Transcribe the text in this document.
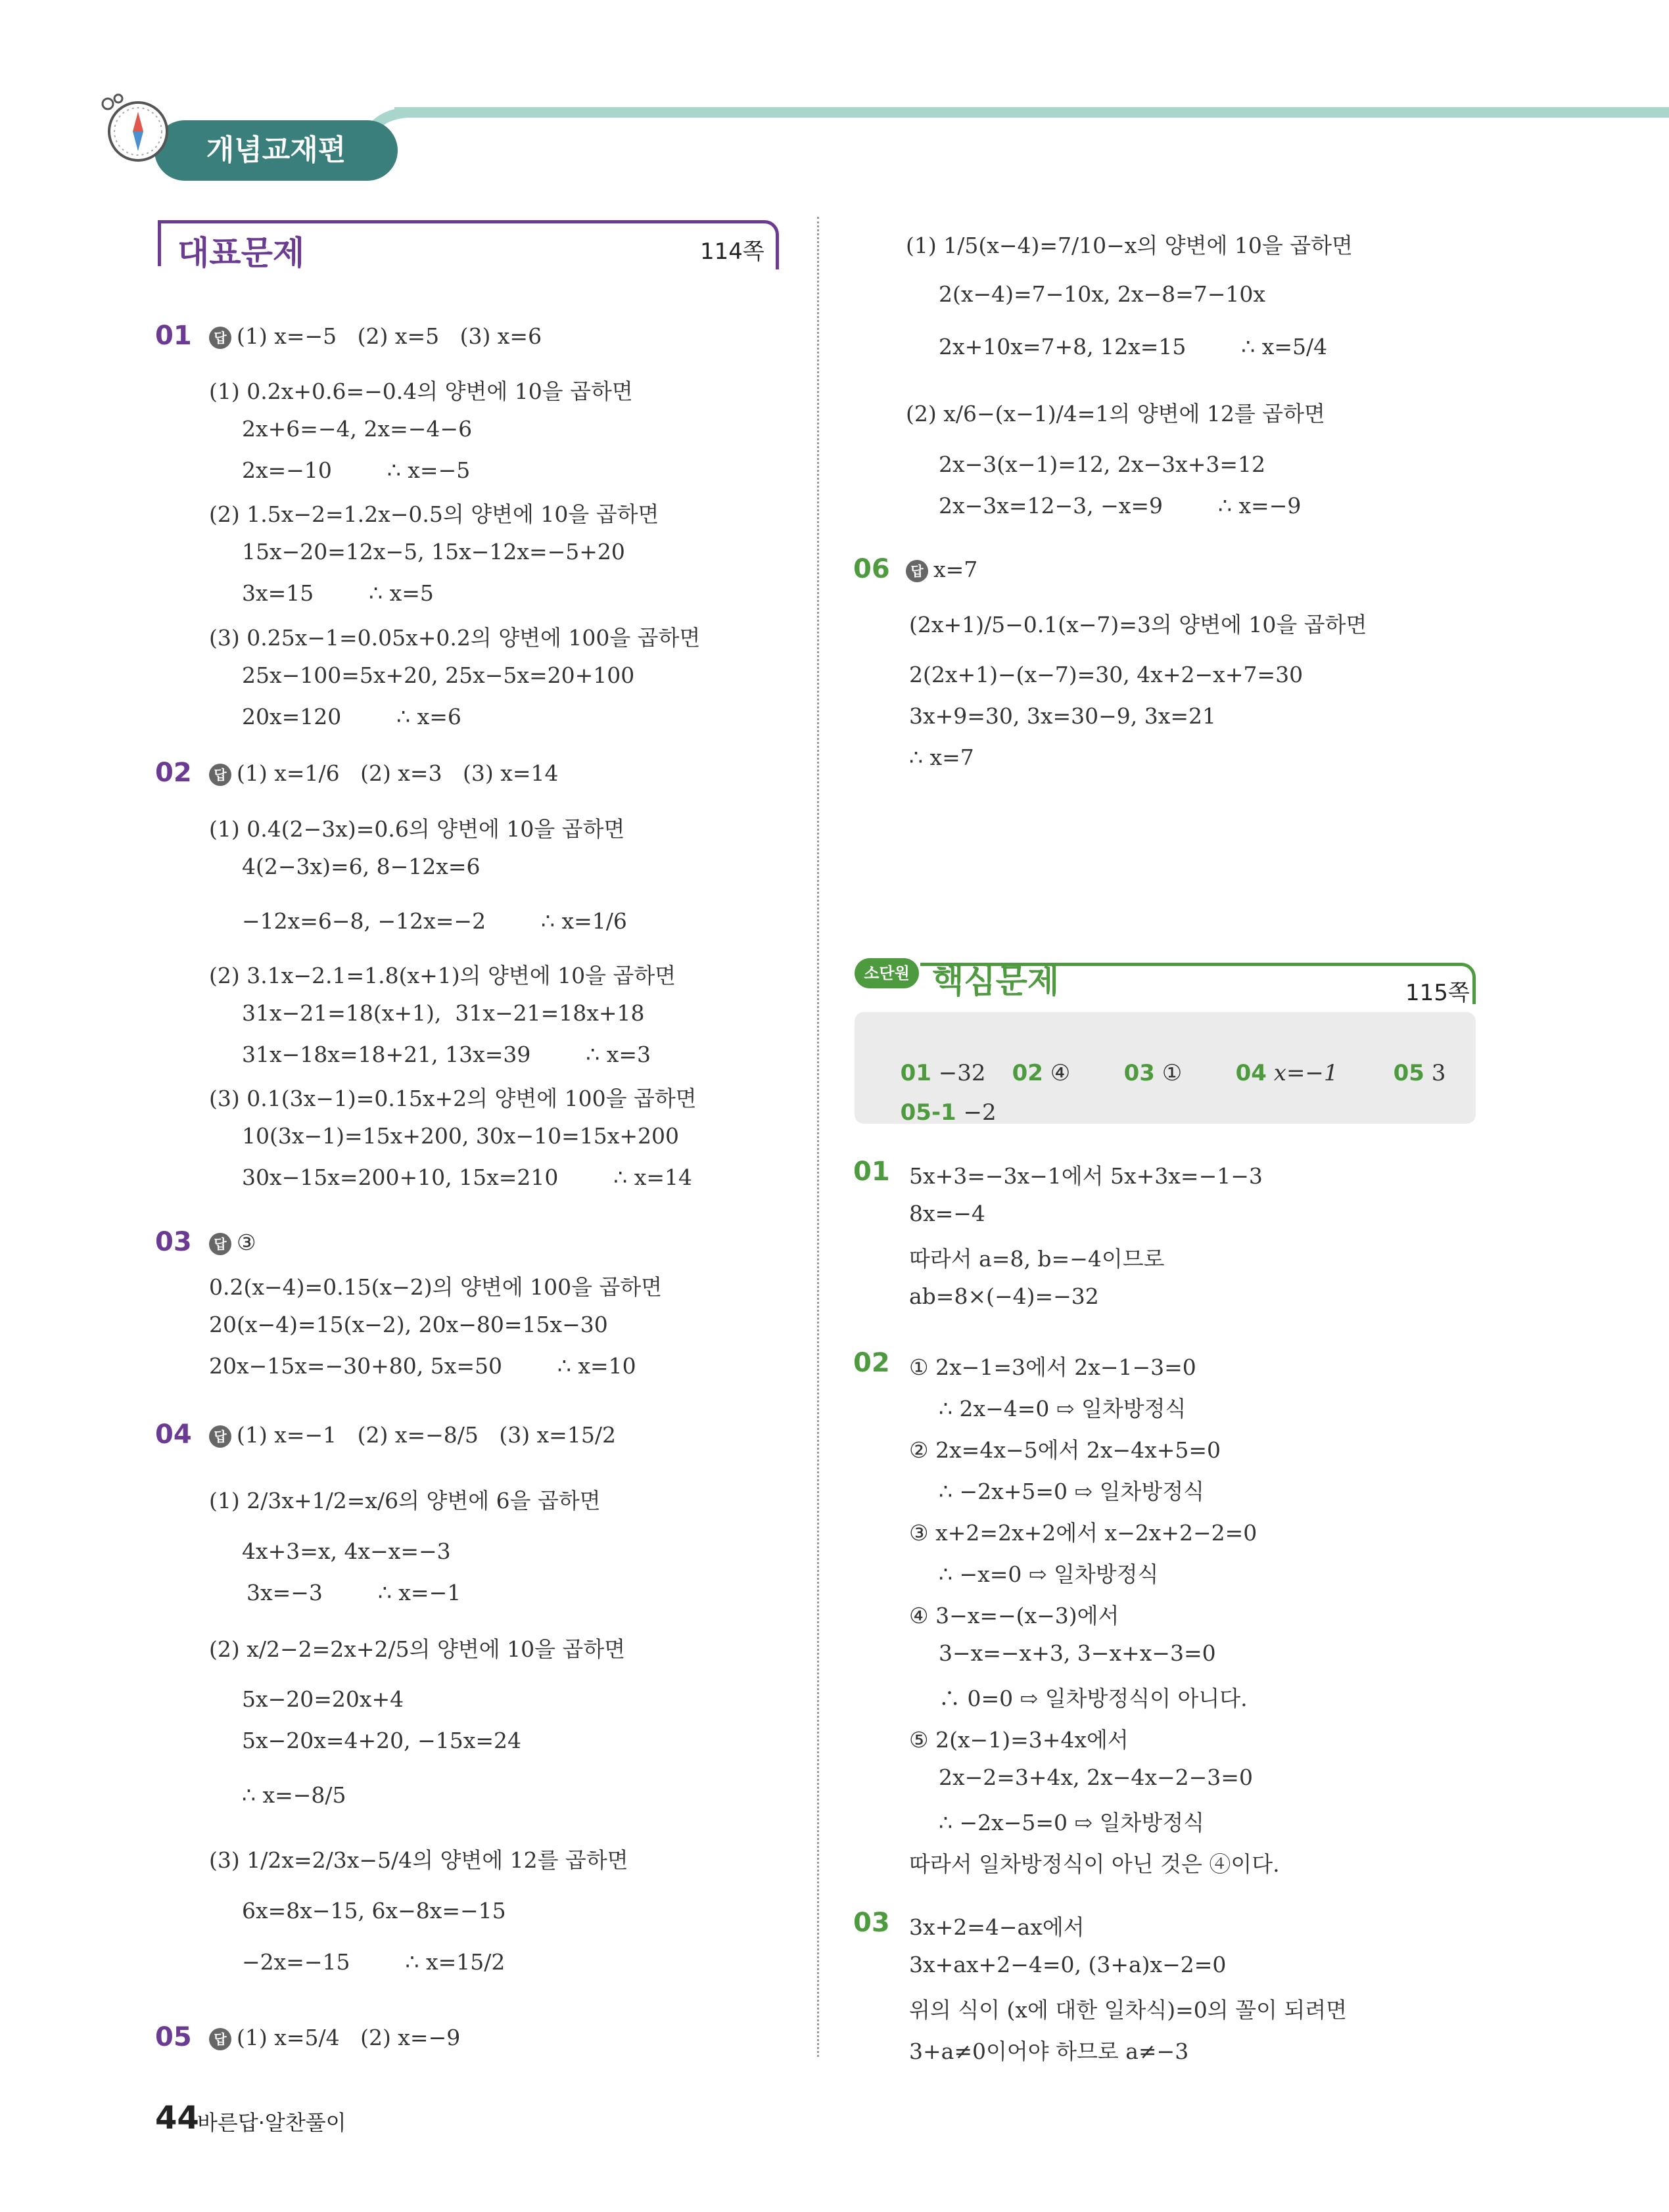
개념교재편
대표문제	114쪽
소단원 핵심문제	115쪽

01 −32	02 ④	03 ①	04 x=−1	05 3

05-1 −2

01	답 (1) x=−5   (2) x=5   (3) x=6
(1) 0.2x+0.6=−0.4의 양변에 10을 곱하면
2x+6=−4, 2x=−4−6
2x=−10        ∴ x=−5
(2) 1.5x−2=1.2x−0.5의 양변에 10을 곱하면
15x−20=12x−5, 15x−12x=−5+20
3x=15        ∴ x=5
(3) 0.25x−1=0.05x+0.2의 양변에 100을 곱하면
25x−100=5x+20, 25x−5x=20+100
20x=120        ∴ x=6
02	답 (1) x=1/6   (2) x=3   (3) x=14
(1) 0.4(2−3x)=0.6의 양변에 10을 곱하면
4(2−3x)=6, 8−12x=6
−12x=6−8, −12x=−2        ∴ x=1/6
(2) 3.1x−2.1=1.8(x+1)의 양변에 10을 곱하면
31x−21=18(x+1),  31x−21=18x+18
31x−18x=18+21, 13x=39        ∴ x=3
(3) 0.1(3x−1)=0.15x+2의 양변에 100을 곱하면
10(3x−1)=15x+200, 30x−10=15x+200
30x−15x=200+10, 15x=210        ∴ x=14
03	답 ③
0.2(x−4)=0.15(x−2)의 양변에 100을 곱하면
20(x−4)=15(x−2), 20x−80=15x−30
20x−15x=−30+80, 5x=50        ∴ x=10
04	답 (1) x=−1   (2) x=−8/5   (3) x=15/2
(1) 2/3x+1/2=x/6의 양변에 6을 곱하면
4x+3=x, 4x−x=−3
3x=−3        ∴ x=−1
(2) x/2−2=2x+2/5의 양변에 10을 곱하면
5x−20=20x+4
5x−20x=4+20, −15x=24
∴ x=−8/5
(3) 1/2x=2/3x−5/4의 양변에 12를 곱하면
6x=8x−15, 6x−8x=−15
−2x=−15        ∴ x=15/2
05	답 (1) x=5/4   (2) x=−9
(1) 1/5(x−4)=7/10−x의 양변에 10을 곱하면
2(x−4)=7−10x, 2x−8=7−10x
2x+10x=7+8, 12x=15        ∴ x=5/4
(2) x/6−(x−1)/4=1의 양변에 12를 곱하면
2x−3(x−1)=12, 2x−3x+3=12
2x−3x=12−3, −x=9        ∴ x=−9
06	답 x=7
(2x+1)/5−0.1(x−7)=3의 양변에 10을 곱하면
2(2x+1)−(x−7)=30, 4x+2−x+7=30
3x+9=30, 3x=30−9, 3x=21
∴ x=7
01 5x+3=−3x−1에서 5x+3x=−1−3
8x=−4
따라서 a=8, b=−4이므로
ab=8×(−4)=−32
02 ① 2x−1=3에서 2x−1−3=0
∴ 2x−4=0 ⇨ 일차방정식
② 2x=4x−5에서 2x−4x+5=0
∴ −2x+5=0 ⇨ 일차방정식
③ x+2=2x+2에서 x−2x+2−2=0
∴ −x=0 ⇨ 일차방정식
④ 3−x=−(x−3)에서
3−x=−x+3, 3−x+x−3=0
∴ 0=0 ⇨ 일차방정식이 아니다.
⑤ 2(x−1)=3+4x에서
2x−2=3+4x, 2x−4x−2−3=0
∴ −2x−5=0 ⇨ 일차방정식
따라서 일차방정식이 아닌 것은 ④이다.
03 3x+2=4−ax에서
3x+ax+2−4=0, (3+a)x−2=0
위의 식이 (x에 대한 일차식)=0의 꼴이 되려면
3+a≠0이어야 하므로 a≠−3
44
바른답·알찬풀이
